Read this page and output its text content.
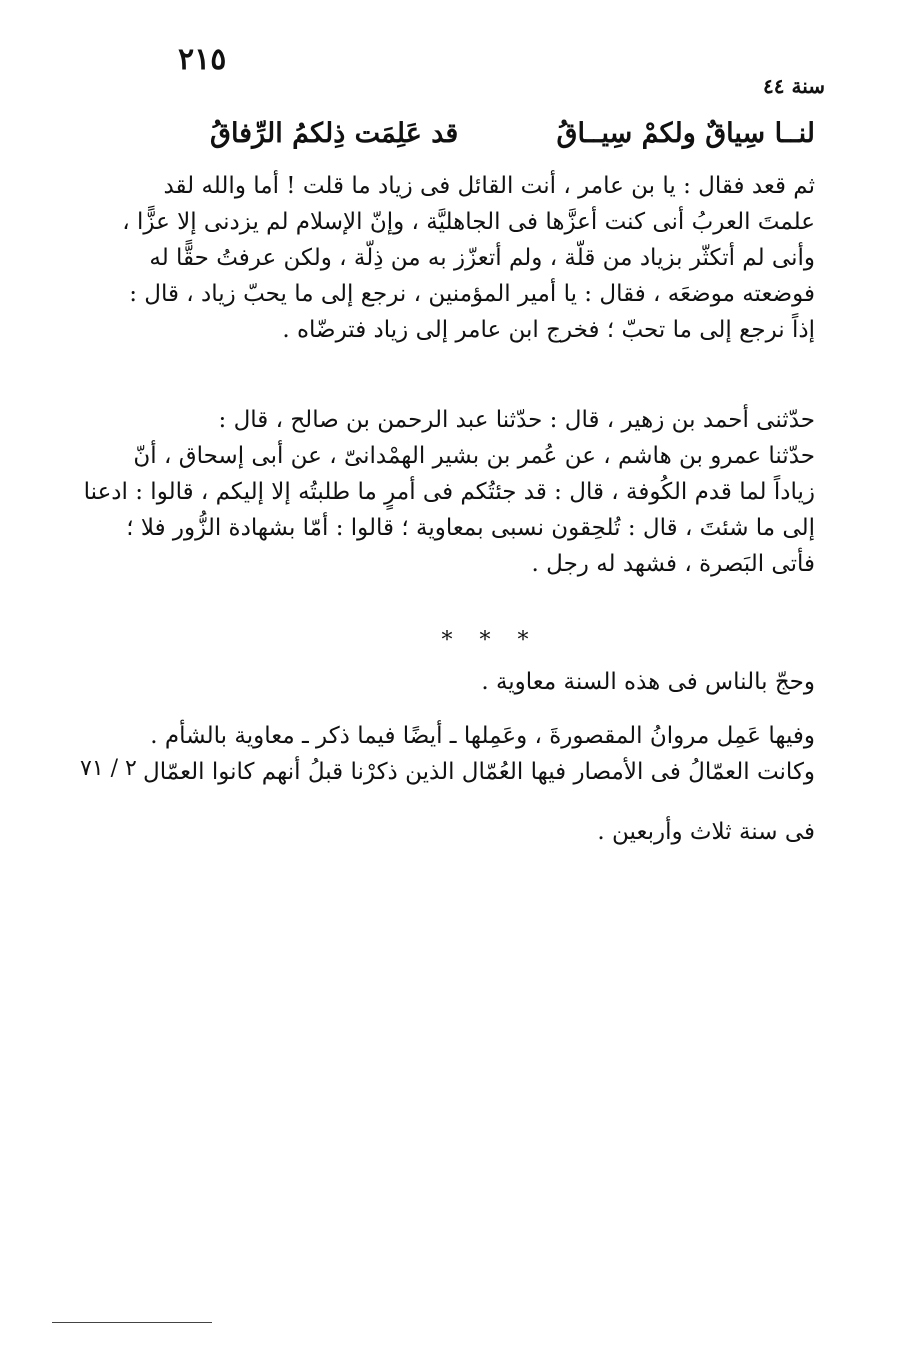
٢١٥
سنة ٤٤
لنــا سِياقٌ ولكمْ سِيــاقُ
قد عَلِمَت ذِلكمُ الرِّفاقُ
ثم قعد فقال : يا بن عامر ، أنت القائل فى زياد ما قلت ! أما والله لقد
علمتَ العربُ أنى كنت أعزَّها فى الجاهليَّة ، وإنّ الإسلام لم يزدنى إلا عزًّا ،
وأنى لم أتكثّر بزياد من قلّة ، ولم أتعزّز به من ذِلّة ، ولكن عرفتُ حقًّا له
فوضعته موضعَه ، فقال : يا أمير المؤمنين ، نرجع إلى ما يحبّ زياد ، قال :
إذاً نرجع إلى ما تحبّ ؛ فخرج ابن عامر إلى زياد فترضّاه .
حدّثنى أحمد بن زهير ، قال : حدّثنا عبد الرحمن بن صالح ، قال :
حدّثنا عمرو بن هاشم ، عن عُمر بن بشير الهمْدانىّ ، عن أبى إسحاق ، أنّ
زياداً لما قدم الكُوفة ، قال : قد جئتُكم فى أمرٍ ما طلبتُه إلا إليكم ، قالوا : ادعنا
إلى ما شئتَ ، قال : تُلحِقون نسبى بمعاوية ؛ قالوا : أمّا بشهادة الزُّور فلا ؛
فأتى البَصرة ، فشهد له رجل .
* * *
وحجّ بالناس فى هذه السنة معاوية .
وفيها عَمِل مروانُ المقصورةَ ، وعَمِلها ـ أيضًا فيما ذكر ـ معاوية بالشأم .
وكانت العمّالُ فى الأمصار فيها العُمّال الذين ذكرْنا قبلُ أنهم كانوا العمّال
٢ / ٧١
فى سنة ثلاث وأربعين .
